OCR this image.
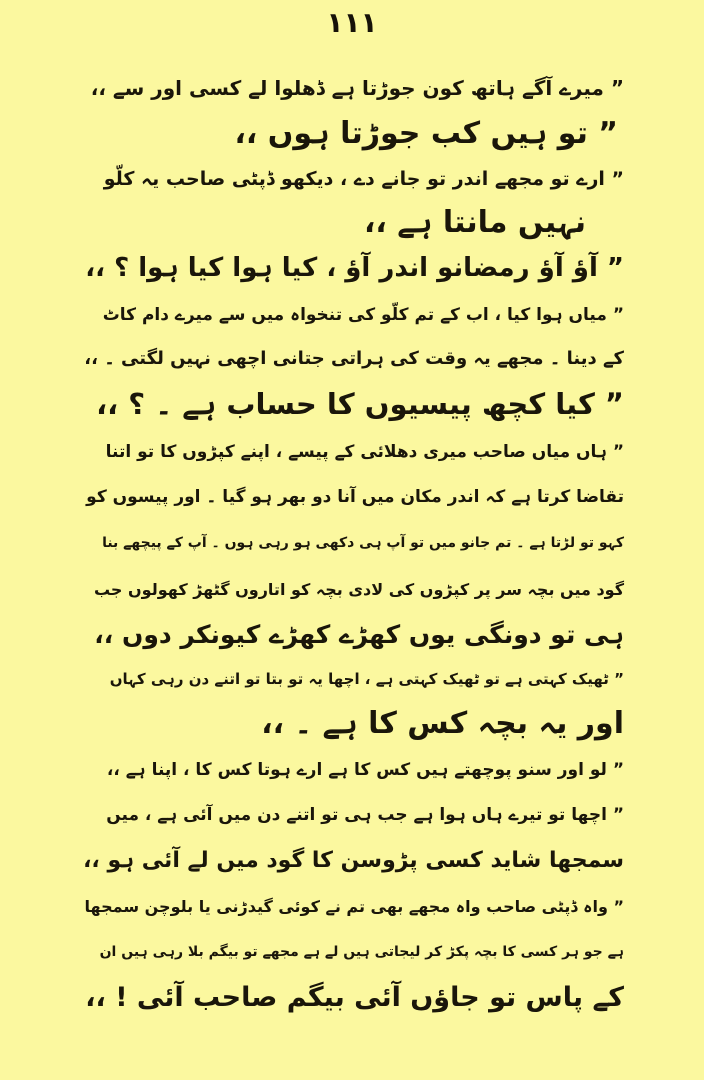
۱۱۱
” میرے آگے ہاتھ کون جوڑتا ہے ڈھلوا لے کسی اور سے ،،
” تو ہیں کب جوڑتا ہوں ،،
” ارے تو مجھے اندر تو جانے دے ، دیکھو ڈپٹی صاحب یہ کلّو
نہیں مانتا ہے ،،
” آؤ آؤ رمضانو اندر آؤ ، کیا ہوا کیا ہوا ؟ ،،
” میاں ہوا کیا ، اب کے تم کلّو کی تنخواہ میں سے میرے دام کاٹ
کے دینا ۔ مجھے یہ وقت کی ہراتی جتانی اچھی نہیں لگتی ۔ ،،
” کیا کچھ پیسیوں کا حساب ہے ۔ ؟ ،،
” ہاں میاں صاحب میری دھلائی کے پیسے ، اپنے کپڑوں کا تو اتنا
تقاضا کرتا ہے کہ اندر مکان میں آنا دو بھر ہو گیا ۔ اور پیسوں کو
کہو تو لڑتا ہے ۔ تم جانو میں تو آپ ہی دکھی ہو رہی ہوں ۔ آپ کے پیچھے بنا
گود میں بچہ سر پر کپڑوں کی لادی بچہ کو اتاروں گٹھڑ کھولوں جب
ہی تو دونگی یوں کھڑے کھڑے کیونکر دوں ،،
” ٹھیک کہتی ہے تو ٹھیک کہتی ہے ، اچھا یہ تو بتا تو اتنے دن رہی کہاں
اور یہ بچہ کس کا ہے ۔ ،،
” لو اور سنو پوچھتے ہیں کس کا ہے ارے ہوتا کس کا ، اپنا ہے ،،
” اچھا تو تیرے ہاں ہوا ہے جب ہی تو اتنے دن میں آئی ہے ، میں
سمجھا شاید کسی پڑوسن کا گود میں لے آئی ہو ،،
” واہ ڈپٹی صاحب واہ مجھے بھی تم نے کوئی گیدڑنی یا بلوچن سمجھا
ہے جو ہر کسی کا بچہ پکڑ کر لیجاتی ہیں لے ہے مجھے تو بیگم بلا رہی ہیں ان
کے پاس تو جاؤں آئی بیگم صاحب آئی ! ،،
